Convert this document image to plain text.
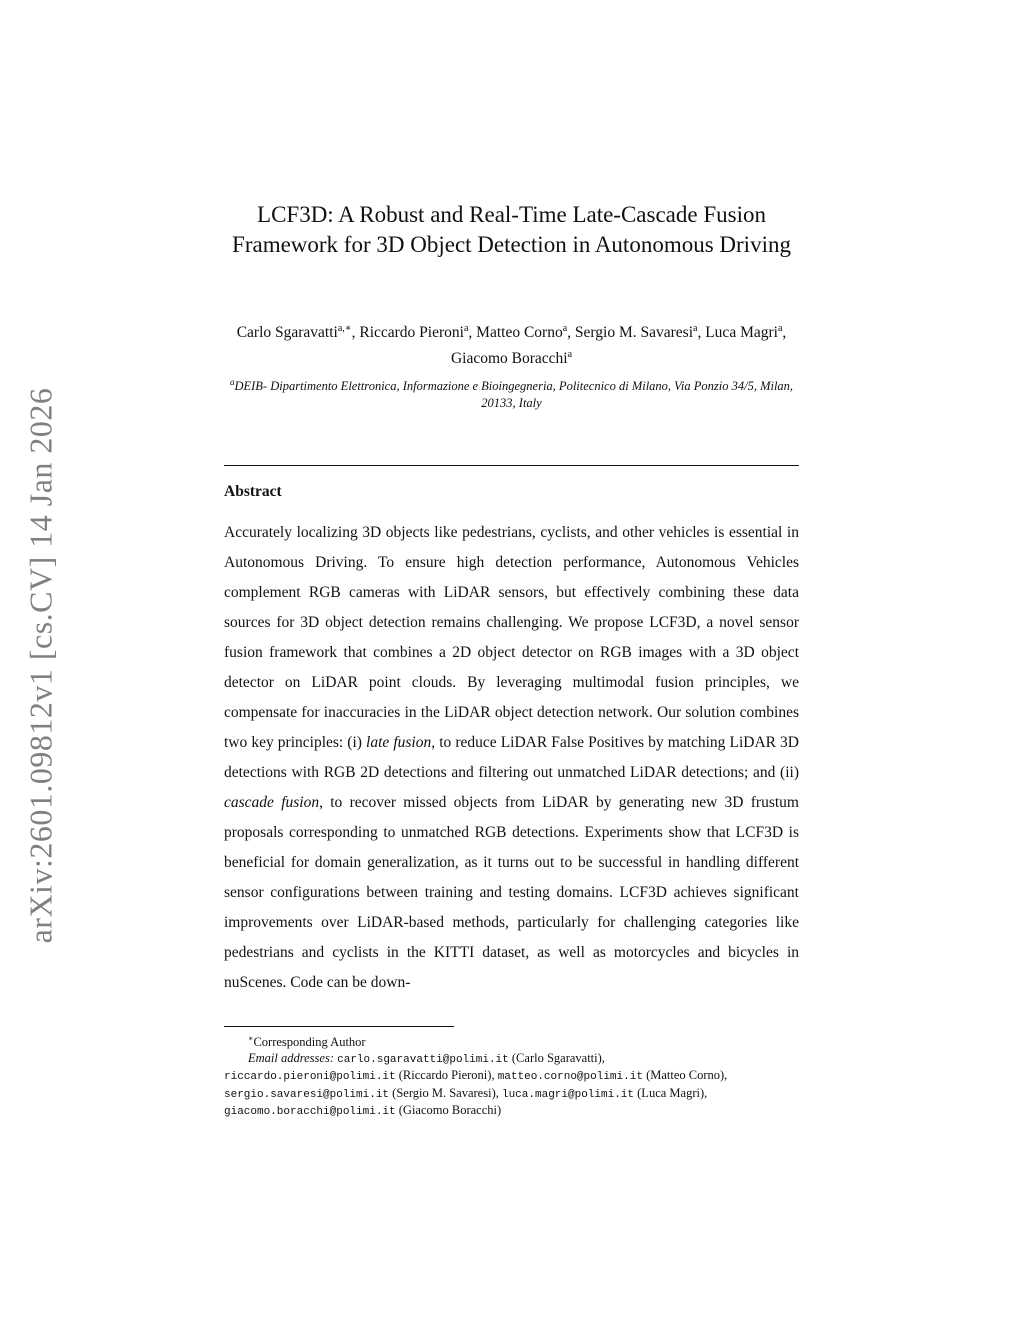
arXiv:2601.09812v1 [cs.CV] 14 Jan 2026
LCF3D: A Robust and Real-Time Late-Cascade Fusion Framework for 3D Object Detection in Autonomous Driving
Carlo Sgaravatti$^{a,∗}$, Riccardo Pieroni$^a$, Matteo Corno$^a$, Sergio M. Savaresi$^a$, Luca Magri$^a$, Giacomo Boracchi$^a$
$^a$DEIB- Dipartimento Elettronica, Informazione e Bioingegneria, Politecnico di Milano, Via Ponzio 34/5, Milan, 20133, Italy
Abstract

Accurately localizing 3D objects like pedestrians, cyclists, and other vehicles is essential in Autonomous Driving. To ensure high detection performance, Autonomous Vehicles complement RGB cameras with LiDAR sensors, but effectively combining these data sources for 3D object detection remains challenging. We propose LCF3D, a novel sensor fusion framework that combines a 2D object detector on RGB images with a 3D object detector on LiDAR point clouds. By leveraging multimodal fusion principles, we compensate for inaccuracies in the LiDAR object detection network. Our solution combines two key principles: (i) late fusion, to reduce LiDAR False Positives by matching LiDAR 3D detections with RGB 2D detections and filtering out unmatched LiDAR detections; and (ii) cascade fusion, to recover missed objects from LiDAR by generating new 3D frustum proposals corresponding to unmatched RGB detections. Experiments show that LCF3D is beneficial for domain generalization, as it turns out to be successful in handling different sensor configurations between training and testing domains. LCF3D achieves significant improvements over LiDAR-based methods, particularly for challenging categories like pedestrians and cyclists in the KITTI dataset, as well as motorcycles and bicycles in nuScenes. Code can be down-

∗Corresponding Author
Email addresses: carlo.sgaravatti@polimi.it (Carlo Sgaravatti),
riccardo.pieroni@polimi.it (Riccardo Pieroni), matteo.corno@polimi.it (Matteo Corno),
sergio.savaresi@polimi.it (Sergio M. Savaresi), luca.magri@polimi.it (Luca Magri),
giacomo.boracchi@polimi.it (Giacomo Boracchi)
